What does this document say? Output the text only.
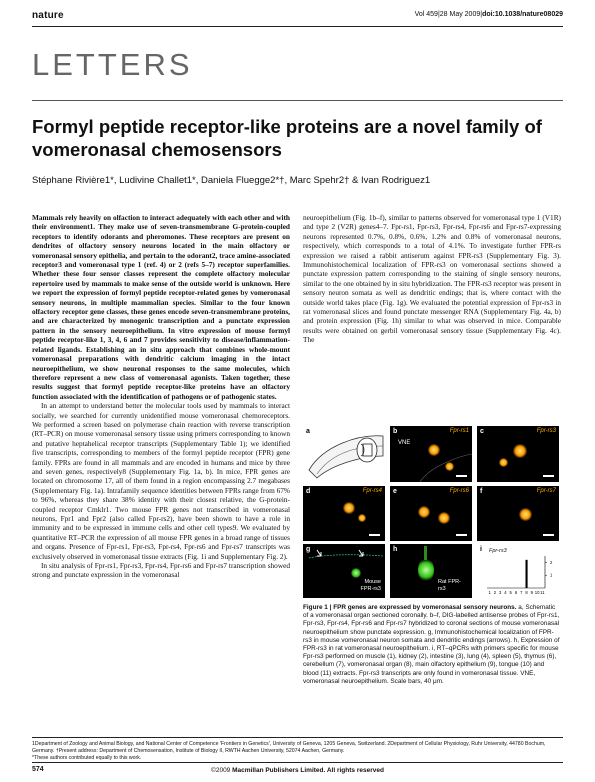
nature	Vol 459|28 May 2009|doi:10.1038/nature08029
LETTERS
Formyl peptide receptor-like proteins are a novel family of vomeronasal chemosensors
Stéphane Rivière1*, Ludivine Challet1*, Daniela Fluegge2*†, Marc Spehr2† & Ivan Rodriguez1

Mammals rely heavily on olfaction to interact adequately with each other and with their environment1. They make use of seven-transmembrane G-protein-coupled receptors to identify odorants and pheromones. These receptors are present on dendrites of olfactory sensory neurons located in the main olfactory or vomeronasal sensory epithelia, and pertain to the odorant2, trace amine-associated receptor3 and vomeronasal type 1 (ref. 4) or 2 (refs 5–7) receptor superfamilies. Whether these four sensor classes represent the complete olfactory molecular repertoire used by mammals to make sense of the outside world is unknown. Here we report the expression of formyl peptide receptor-related genes by vomeronasal sensory neurons, in multiple mammalian species. Similar to the four known olfactory receptor gene classes, these genes encode seven-transmembrane proteins, and are characterized by monogenic transcription and a punctate expression pattern in the sensory neuroepithelium. In vitro expression of mouse formyl peptide receptor-like 1, 3, 4, 6 and 7 provides sensitivity to disease/inflammation-related ligands. Establishing an in situ approach that combines whole-mount vomeronasal preparations with dendritic calcium imaging in the intact neuroepithelium, we show neuronal responses to the same molecules, which therefore represent a new class of vomeronasal agonists. Taken together, these results suggest that formyl peptide receptor-like proteins have an olfactory function associated with the identification of pathogens or of pathogenic states.

In an attempt to understand better the molecular tools used by mammals to interact socially, we searched for currently unidentified mouse vomeronasal chemoreceptors. We performed a screen based on polymerase chain reaction with reverse transcription (RT–PCR) on mouse vomeronasal sensory tissue using primers corresponding to known and putative heptahelical receptor transcripts (Supplementary Table 1); we identified five transcripts, corresponding to members of the formyl peptide receptor (FPR) gene family. FPRs are found in all mammals and are encoded in humans and mice by three and seven genes, respectively8 (Supplementary Fig. 1a, b). In mice, FPR genes are located on chromosome 17, all of them found in a region encompassing 2.7 megabases (Supplementary Fig. 1a). Intrafamily sequence identities between FPRs range from 67% to 96%, whereas they share 38% identity with their closest relative, the G-protein-coupled receptor Cmklr1. Two mouse FPR genes not transcribed in vomeronasal neurons, Fpr1 and Fpr2 (also called Fpr-rs2), have been shown to have a role in immunity and to be expressed in immune cells and other cell types9. We evaluated by quantitative RT–PCR the expression of all mouse FPR genes in a broad range of tissues and organs. Presence of Fpr-rs1, Fpr-rs3, Fpr-rs4, Fpr-rs6 and Fpr-rs7 transcripts was exclusively observed in vomeronasal tissue extracts (Fig. 1i and Supplementary Fig. 2).

In situ analysis of Fpr-rs1, Fpr-rs3, Fpr-rs4, Fpr-rs6 and Fpr-rs7 transcription showed strong and punctate expression in the vomeronasal

neuroepithelium (Fig. 1b–f), similar to patterns observed for vomeronasal type 1 (V1R) and type 2 (V2R) genes4–7. Fpr-rs1, Fpr-rs3, Fpr-rs4, Fpr-rs6 and Fpr-rs7-expressing neurons represented 0.7%, 0.8%, 0.6%, 1.2% and 0.8% of vomeronasal neurons, respectively, which corresponds to a total of 4.1%. To investigate further FPR-rs expression we raised a rabbit antiserum against FPR-rs3 (Supplementary Fig. 3). Immunohistochemical localization of FPR-rs3 on vomeronasal sections showed a punctate expression pattern corresponding to the staining of single sensory neurons, similar to the one obtained by in situ hybridization. The FPR-rs3 receptor was present in sensory neuron somata as well as dendritic endings; that is, where contact with the outside world takes place (Fig. 1g). We evaluated the potential expression of Fpr-rs3 in rat vomeronasal slices and found punctate messenger RNA (Supplementary Fig. 4a, b) and protein expression (Fig. 1h) similar to what was observed in mice. Comparable results were obtained on gerbil vomeronasal sensory tissue (Supplementary Fig. 4c). The

a	b	Fpr-rs1
VNE
c	Fpr-rs3
d	Fpr-rs4 e	Fpr-rs6 f	Fpr-rs7
g
Mouse FPR-rs3
h
Rat FPR-rs3
i Fpr-rs3
1 2 3 4 5 6 7 8 9 10 11
2
1
Figure 1 | FPR genes are expressed by vomeronasal sensory neurons. a, Schematic of a vomeronasal organ sectioned coronally. b–f, DIG-labelled antisense probes of Fpr-rs1, Fpr-rs3, Fpr-rs4, Fpr-rs6 and Fpr-rs7 hybridized to coronal sections of mouse vomeronasal neuroepithelium show punctate expression. g, Immunohistochemical localization of FPR-rs3 in mouse vomeronasal neuron somata and dendritic endings (arrows). h, Expression of FPR-rs3 in rat vomeronasal neuroepithelium. i, RT–qPCRs with primers specific for mouse Fpr-rs3 performed on muscle (1), kidney (2), intestine (3), lung (4), spleen (5), thymus (6), cerebellum (7), vomeronasal organ (8), main olfactory epithelium (9), tongue (10) and blood (11) extracts. Fpr-rs3 transcripts are only found in vomeronasal tissue. VNE, vomeronasal neuroepithelium. Scale bars, 40 μm.
1Department of Zoology and Animal Biology, and National Center of Competence 'Frontiers in Genetics', University of Geneva, 1205 Geneva, Switzerland. 2Department of Cellular Physiology, Ruhr University, 44780 Bochum, Germany. †Present address: Department of Chemosensation, Institute of Biology II, RWTH Aachen University, 52074 Aachen, Germany.
*These authors contributed equally to this work.
574	©2009 Macmillan Publishers Limited. All rights reserved
